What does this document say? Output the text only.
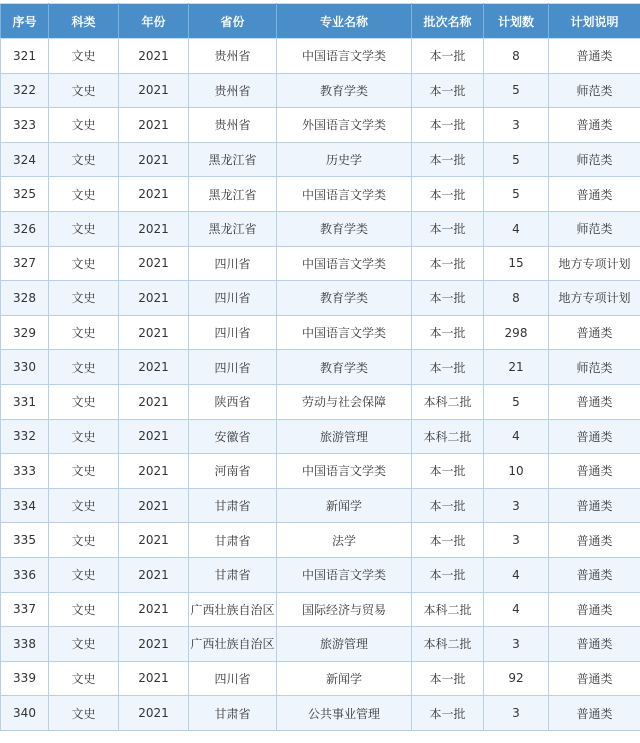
序号	科类	年份	省份	专业名称	批次名称	计划数	计划说明
321	文史	2021	贵州省	中国语言文学类	本一批	8	普通类
322	文史	2021	贵州省	教育学类	本一批	5	师范类
323	文史	2021	贵州省	外国语言文学类	本一批	3	普通类
324	文史	2021	黑龙江省	历史学	本一批	5	师范类
325	文史	2021	黑龙江省	中国语言文学类	本一批	5	普通类
326	文史	2021	黑龙江省	教育学类	本一批	4	师范类
327	文史	2021	四川省	中国语言文学类	本一批	15	地方专项计划
328	文史	2021	四川省	教育学类	本一批	8	地方专项计划
329	文史	2021	四川省	中国语言文学类	本一批	298	普通类
330	文史	2021	四川省	教育学类	本一批	21	师范类
331	文史	2021	陕西省	劳动与社会保障	本科二批	5	普通类
332	文史	2021	安徽省	旅游管理	本科二批	4	普通类
333	文史	2021	河南省	中国语言文学类	本一批	10	普通类
334	文史	2021	甘肃省	新闻学	本一批	3	普通类
335	文史	2021	甘肃省	法学	本一批	3	普通类
336	文史	2021	甘肃省	中国语言文学类	本一批	4	普通类
337	文史	2021	广西壮族自治区	国际经济与贸易	本科二批	4	普通类
338	文史	2021	广西壮族自治区	旅游管理	本科二批	3	普通类
339	文史	2021	四川省	新闻学	本一批	92	普通类
340	文史	2021	甘肃省	公共事业管理	本一批	3	普通类
